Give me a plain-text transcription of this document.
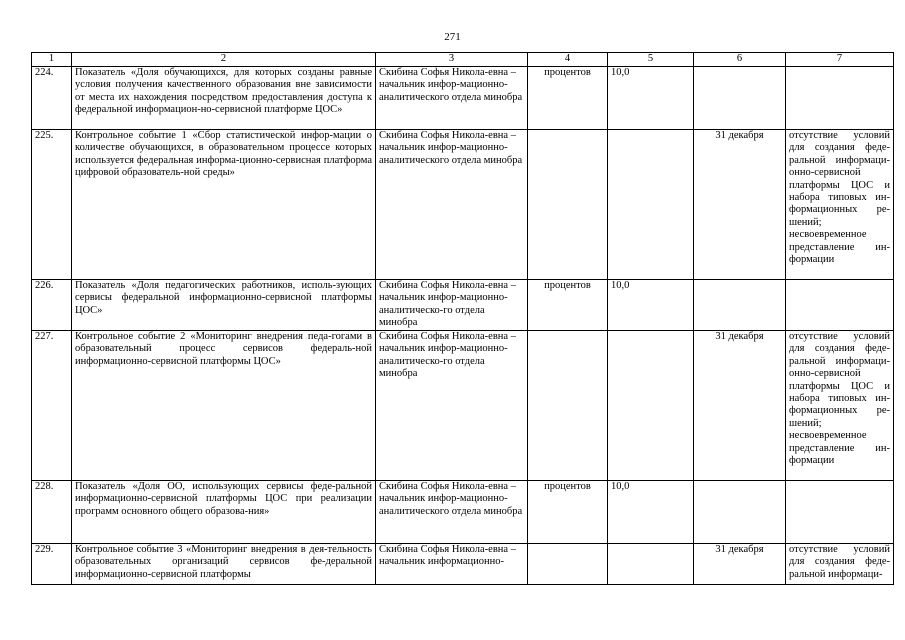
271
1	2	3	4	5	6	7
224.	Показатель «Доля обучающихся, для которых созданы равные условия получения качественного образования вне зависимости от места их нахождения посредством предоставления доступа к федеральной информацион-но-сервисной платформе ЦОС»	Скибина Софья Никола-евна – начальник инфор-мационно-аналитического отдела минобра	процентов	10,0		
225.	Контрольное событие 1 «Сбор статистической инфор-мации о количестве обучающихся, в образовательном процессе которых используется федеральная информа-ционно-сервисная платформа цифровой образователь-ной среды»	Скибина Софья Никола-евна – начальник инфор-мационно-аналитического отдела минобра			31 декабря	отсутствие условий для создания феде-ральной информаци-онно-сервисной платформы ЦОС и набора типовых ин-формационных ре-шений; несвоевременное представление ин-формации
226.	Показатель «Доля педагогических работников, исполь-зующих сервисы федеральной информационно-сервисной платформы ЦОС»	Скибина Софья Никола-евна – начальник инфор-мационно- аналитическо-го отдела минобра	процентов	10,0		
227.	Контрольное событие 2 «Мониторинг внедрения педа-гогами в образовательный процесс сервисов федераль-ной информационно-сервисной платформы ЦОС»	Скибина Софья Никола-евна – начальник инфор-мационно- аналитическо-го отдела минобра			31 декабря	отсутствие условий для создания феде-ральной информаци-онно-сервисной платформы ЦОС и набора типовых ин-формационных ре-шений; несвоевременное представление ин-формации
228.	Показатель «Доля ОО, использующих сервисы феде-ральной информационно-сервисной платформы ЦОС при реализации программ основного общего образова-ния»	Скибина Софья Никола-евна – начальник инфор-мационно-аналитического отдела минобра	процентов	10,0		
229.	Контрольное событие 3 «Мониторинг внедрения в дея-тельность образовательных организаций сервисов фе-деральной информационно-сервисной платформы	Скибина Софья Никола-евна – начальник информационно-			31 декабря	отсутствие условий для создания феде-ральной информаци-
